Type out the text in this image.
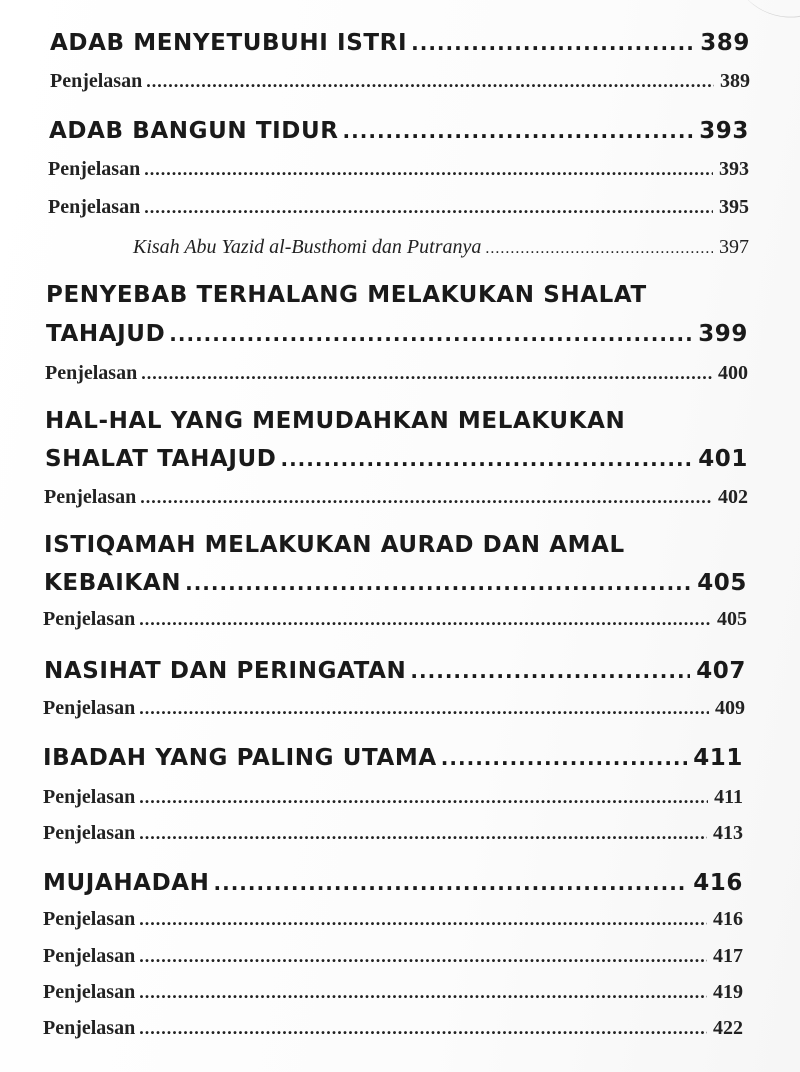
ADAB MENYETUBUHI ISTRI .....	389
Penjelasan .....	389
ADAB BANGUN TIDUR .....	393
Penjelasan .....	393
Penjelasan .....	395
Kisah Abu Yazid al-Busthomi dan Putranya .....	397
PENYEBAB TERHALANG MELAKUKAN SHALAT
TAHAJUD .....	399
Penjelasan .....	400
HAL-HAL YANG MEMUDAHKAN MELAKUKAN
SHALAT TAHAJUD .....	401
Penjelasan .....	402
ISTIQAMAH MELAKUKAN AURAD DAN AMAL
KEBAIKAN .....	405
Penjelasan .....	405
NASIHAT DAN PERINGATAN .....	407
Penjelasan .....	409
IBADAH YANG PALING UTAMA .....	411
Penjelasan .....	411
Penjelasan .....	413
MUJAHADAH .....	416
Penjelasan .....	416
Penjelasan .....	417
Penjelasan .....	419
Penjelasan .....	422
